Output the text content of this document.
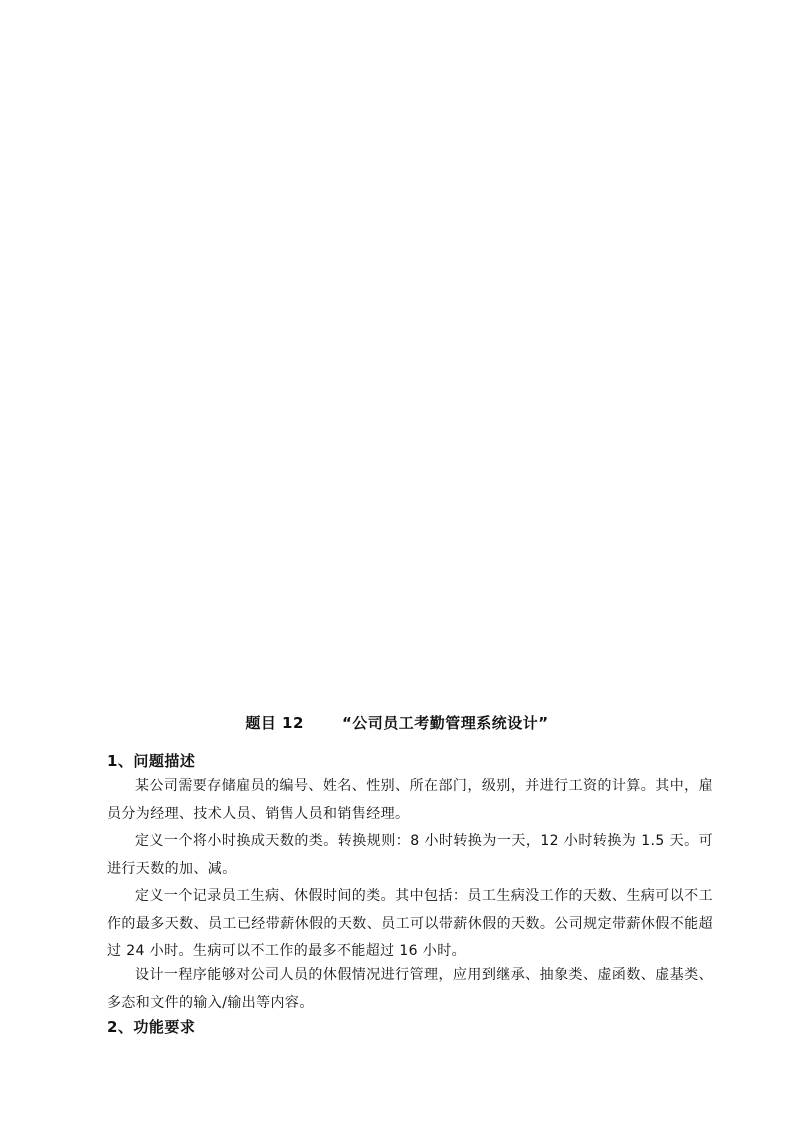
题目 12	“公司员工考勤管理系统设计”
1、问题描述
某公司需要存储雇员的编号、姓名、性别、所在部门，级别，并进行工资的计算。其中，雇员分为经理、技术人员、销售人员和销售经理。
定义一个将小时换成天数的类。转换规则：8 小时转换为一天，12 小时转换为 1.5 天。可进行天数的加、减。
定义一个记录员工生病、休假时间的类。其中包括：员工生病没工作的天数、生病可以不工作的最多天数、员工已经带薪休假的天数、员工可以带薪休假的天数。公司规定带薪休假不能超过 24 小时。生病可以不工作的最多不能超过 16 小时。
设计一程序能够对公司人员的休假情况进行管理，应用到继承、抽象类、虚函数、虚基类、多态和文件的输入/输出等内容。
2、功能要求
